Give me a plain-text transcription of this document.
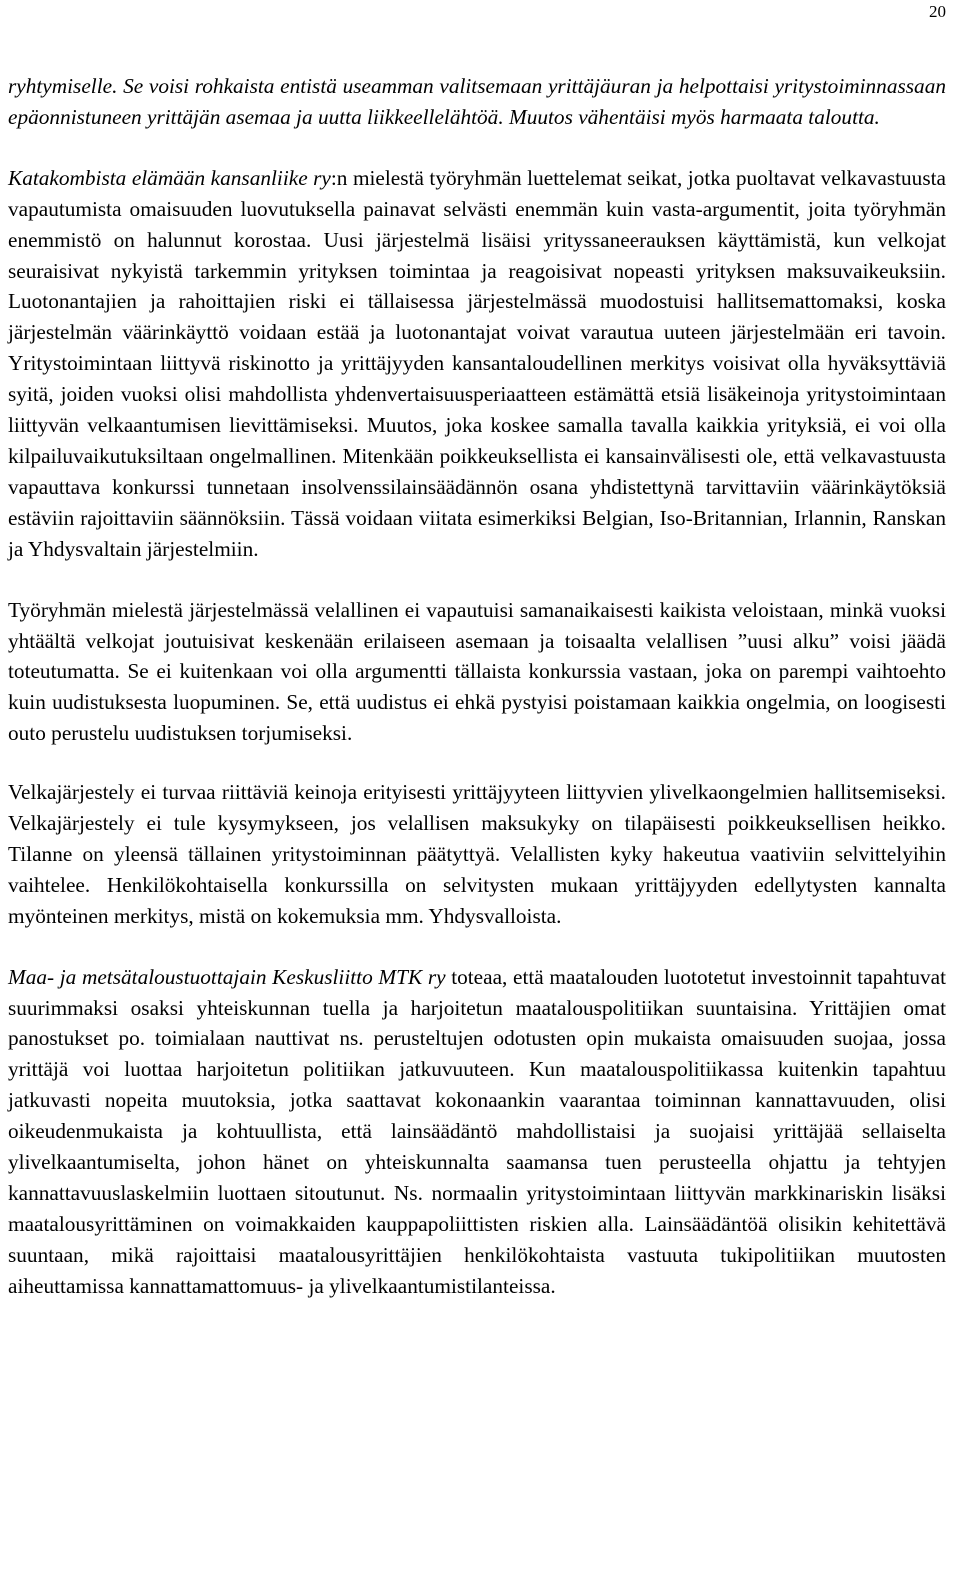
20

ryhtymiselle. Se voisi rohkaista entistä useamman valitsemaan yrittäjäuran ja helpottaisi yritystoiminnassaan epäonnistuneen yrittäjän asemaa ja uutta liikkeellelähtöä. Muutos vähentäisi myös harmaata taloutta.

Katakombista elämään kansanliike ry:n mielestä työryhmän luettelemat seikat, jotka puoltavat velkavastuusta vapautumista omaisuuden luovutuksella painavat selvästi enemmän kuin vasta-argumentit, joita työryhmän enemmistö on halunnut korostaa. Uusi järjestelmä lisäisi yrityssaneerauksen käyttämistä, kun velkojat seuraisivat nykyistä tarkemmin yrityksen toimintaa ja reagoisivat nopeasti yrityksen maksuvaikeuksiin. Luotonantajien ja rahoittajien riski ei tällaisessa järjestelmässä muodostuisi hallitsemattomaksi, koska järjestelmän väärinkäyttö voidaan estää ja luotonantajat voivat varautua uuteen järjestelmään eri tavoin. Yritystoimintaan liittyvä riskinotto ja yrittäjyyden kansantaloudellinen merkitys voisivat olla hyväksyttäviä syitä, joiden vuoksi olisi mahdollista yhdenvertaisuusperiaatteen estämättä etsiä lisäkeinoja yritystoimintaan liittyvän velkaantumisen lievittämiseksi. Muutos, joka koskee samalla tavalla kaikkia yrityksiä, ei voi olla kilpailuvaikutuksiltaan ongelmallinen. Mitenkään poikkeuksellista ei kansainvälisesti ole, että velkavastuusta vapauttava konkurssi tunnetaan insolvenssilainsäädännön osana yhdistettynä tarvittaviin väärinkäytöksiä estäviin rajoittaviin säännöksiin. Tässä voidaan viitata esimerkiksi Belgian, Iso-Britannian, Irlannin, Ranskan ja Yhdysvaltain järjestelmiin.

Työryhmän mielestä järjestelmässä velallinen ei vapautuisi samanaikaisesti kaikista veloistaan, minkä vuoksi yhtäältä velkojat joutuisivat keskenään erilaiseen asemaan ja toisaalta velallisen ”uusi alku” voisi jäädä toteutumatta. Se ei kuitenkaan voi olla argumentti tällaista konkurssia vastaan, joka on parempi vaihtoehto kuin uudistuksesta luopuminen. Se, että uudistus ei ehkä pystyisi poistamaan kaikkia ongelmia, on loogisesti outo perustelu uudistuksen torjumiseksi.

Velkajärjestely ei turvaa riittäviä keinoja erityisesti yrittäjyyteen liittyvien ylivelkaongelmien hallitsemiseksi. Velkajärjestely ei tule kysymykseen, jos velallisen maksukyky on tilapäisesti poikkeuksellisen heikko. Tilanne on yleensä tällainen yritystoiminnan päätyttyä. Velallisten kyky hakeutua vaativiin selvittelyihin vaihtelee. Henkilökohtaisella konkurssilla on selvitysten mukaan yrittäjyyden edellytysten kannalta myönteinen merkitys, mistä on kokemuksia mm. Yhdysvalloista.

Maa- ja metsätaloustuottajain Keskusliitto MTK ry toteaa, että maatalouden luototetut investoinnit tapahtuvat suurimmaksi osaksi yhteiskunnan tuella ja harjoitetun maatalouspolitiikan suuntaisina. Yrittäjien omat panostukset po. toimialaan nauttivat ns. perusteltujen odotusten opin mukaista omaisuuden suojaa, jossa yrittäjä voi luottaa harjoitetun politiikan jatkuvuuteen. Kun maatalouspolitiikassa kuitenkin tapahtuu jatkuvasti nopeita muutoksia, jotka saattavat kokonaankin vaarantaa toiminnan kannattavuuden, olisi oikeudenmukaista ja kohtuullista, että lainsäädäntö mahdollistaisi ja suojaisi yrittäjää sellaiselta ylivelkaantumiselta, johon hänet on yhteiskunnalta saamansa tuen perusteella ohjattu ja tehtyjen kannattavuuslaskelmiin luottaen sitoutunut. Ns. normaalin yritystoimintaan liittyvän markkinariskin lisäksi maatalousyrittäminen on voimakkaiden kauppapoliittisten riskien alla. Lainsäädäntöä olisikin kehitettävä suuntaan, mikä rajoittaisi maatalousyrittäjien henkilökohtaista vastuuta tukipolitiikan muutosten aiheuttamissa kannattamattomuus- ja ylivelkaantumistilanteissa.
